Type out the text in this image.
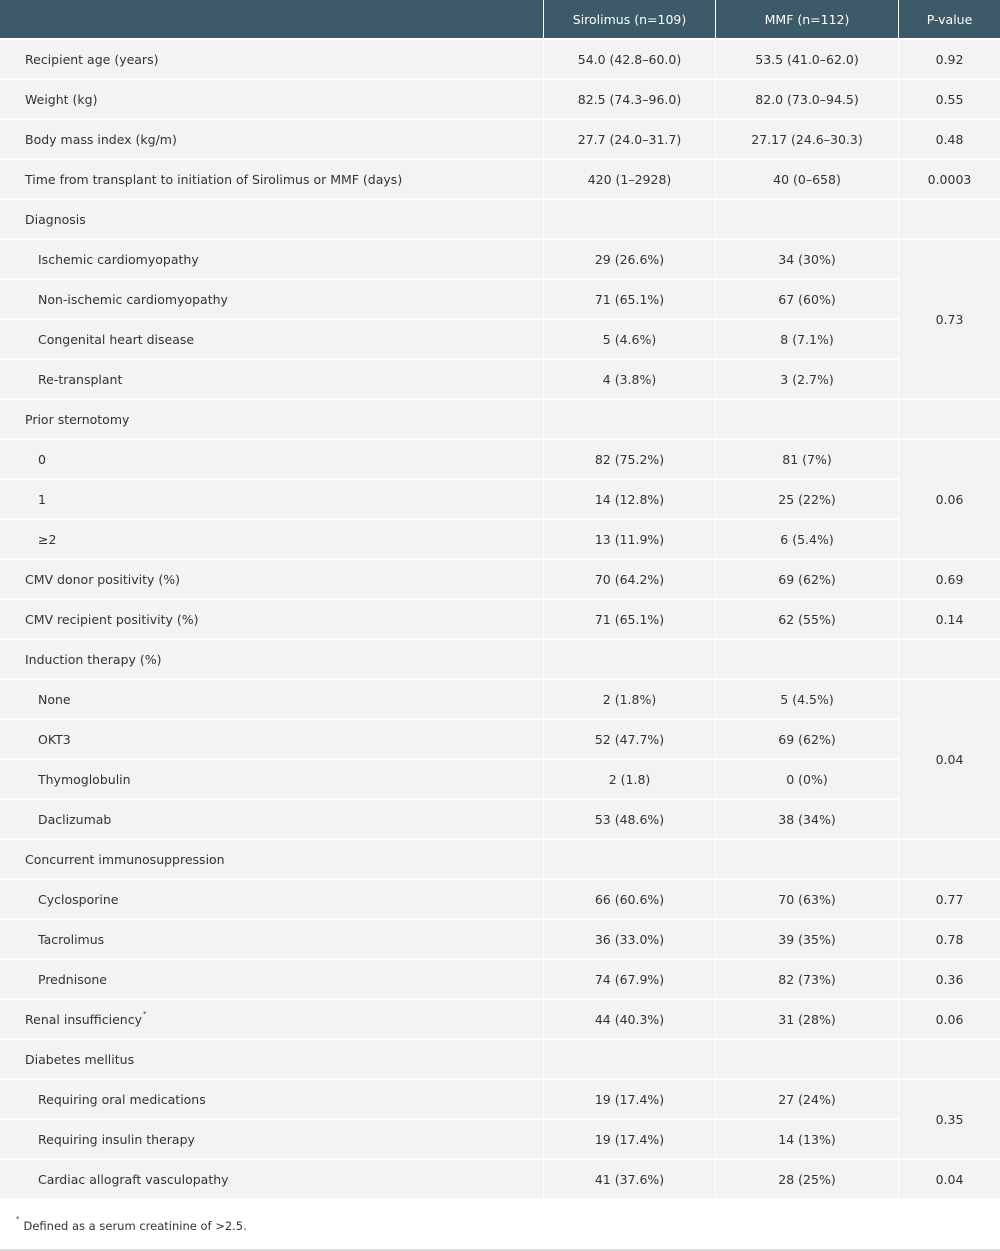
	Sirolimus (n=109)	MMF (n=112)	P-value
Recipient age (years)	54.0 (42.8–60.0)	53.5 (41.0–62.0)	0.92
Weight (kg)	82.5 (74.3–96.0)	82.0 (73.0–94.5)	0.55
Body mass index (kg/m)	27.7 (24.0–31.7)	27.17 (24.6–30.3)	0.48
Time from transplant to initiation of Sirolimus or MMF (days)	420 (1–2928)	40 (0–658)	0.0003
Diagnosis			
Ischemic cardiomyopathy	29 (26.6%)	34 (30%)	0.73
Non-ischemic cardiomyopathy	71 (65.1%)	67 (60%)	
Congenital heart disease	5 (4.6%)	8 (7.1%)	
Re-transplant	4 (3.8%)	3 (2.7%)	
Prior sternotomy			
0	82 (75.2%)	81 (7%)	0.06
1	14 (12.8%)	25 (22%)	
≥2	13 (11.9%)	6 (5.4%)	
CMV donor positivity (%)	70 (64.2%)	69 (62%)	0.69
CMV recipient positivity (%)	71 (65.1%)	62 (55%)	0.14
Induction therapy (%)			
None	2 (1.8%)	5 (4.5%)	0.04
OKT3	52 (47.7%)	69 (62%)	
Thymoglobulin	2 (1.8)	0 (0%)	
Daclizumab	53 (48.6%)	38 (34%)	
Concurrent immunosuppression			
Cyclosporine	66 (60.6%)	70 (63%)	0.77
Tacrolimus	36 (33.0%)	39 (35%)	0.78
Prednisone	74 (67.9%)	82 (73%)	0.36
Renal insufficiency*	44 (40.3%)	31 (28%)	0.06
Diabetes mellitus			
Requiring oral medications	19 (17.4%)	27 (24%)	0.35
Requiring insulin therapy	19 (17.4%)	14 (13%)	
Cardiac allograft vasculopathy	41 (37.6%)	28 (25%)	0.04
* Defined as a serum creatinine of >2.5.
